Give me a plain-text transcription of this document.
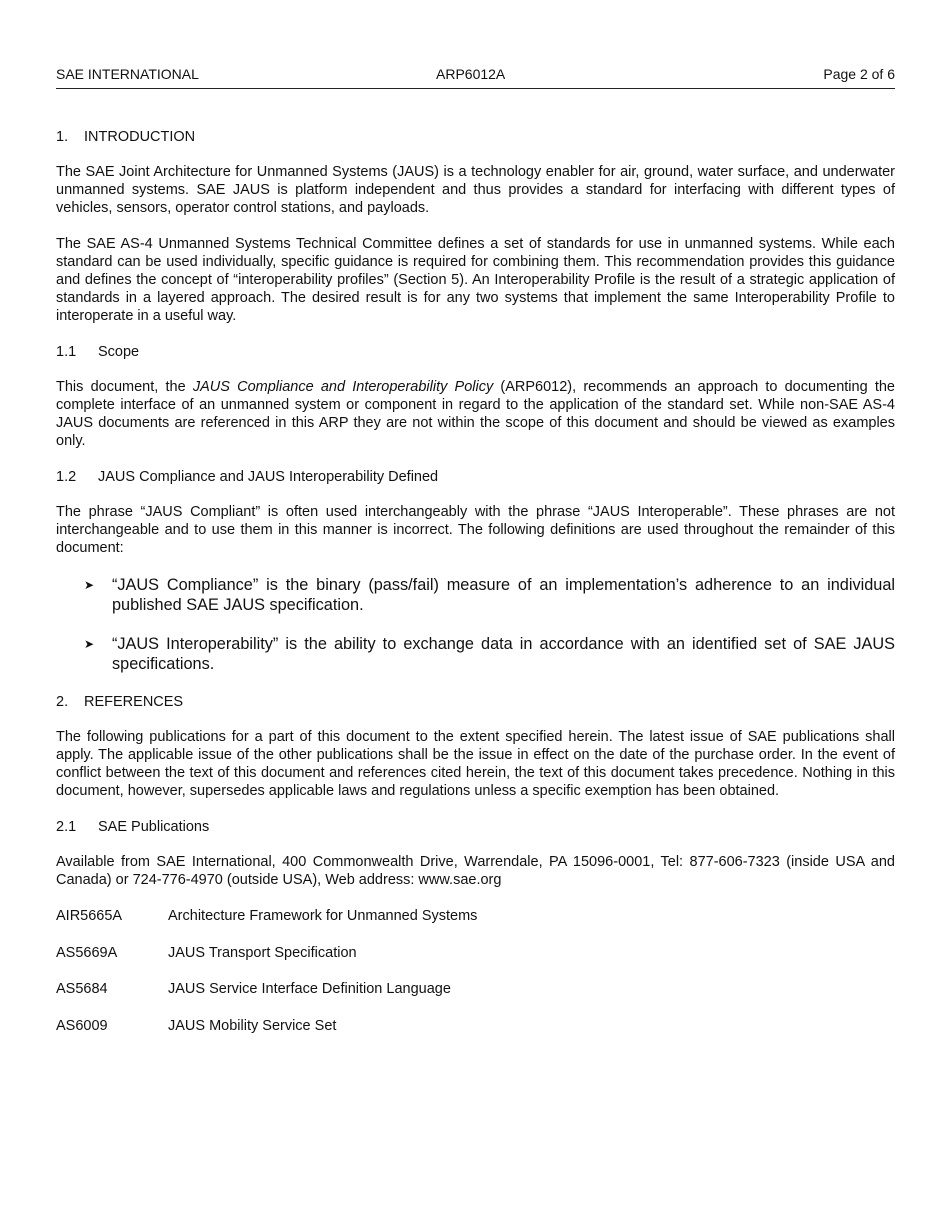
SAE INTERNATIONAL	ARP6012A	Page 2 of 6
1. INTRODUCTION

The SAE Joint Architecture for Unmanned Systems (JAUS) is a technology enabler for air, ground, water surface, and underwater unmanned systems. SAE JAUS is platform independent and thus provides a standard for interfacing with different types of vehicles, sensors, operator control stations, and payloads.

The SAE AS-4 Unmanned Systems Technical Committee defines a set of standards for use in unmanned systems. While each standard can be used individually, specific guidance is required for combining them. This recommendation provides this guidance and defines the concept of “interoperability profiles” (Section 5). An Interoperability Profile is the result of a strategic application of standards in a layered approach. The desired result is for any two systems that implement the same Interoperability Profile to interoperate in a useful way.

1.1 Scope

This document, the JAUS Compliance and Interoperability Policy (ARP6012), recommends an approach to documenting the complete interface of an unmanned system or component in regard to the application of the standard set. While non-SAE AS-4 JAUS documents are referenced in this ARP they are not within the scope of this document and should be viewed as examples only.

1.2 JAUS Compliance and JAUS Interoperability Defined

The phrase “JAUS Compliant” is often used interchangeably with the phrase “JAUS Interoperable”. These phrases are not interchangeable and to use them in this manner is incorrect. The following definitions are used throughout the remainder of this document:

➤ “JAUS Compliance” is the binary (pass/fail) measure of an implementation’s adherence to an individual published SAE JAUS specification.
➤ “JAUS Interoperability” is the ability to exchange data in accordance with an identified set of SAE JAUS specifications.
2. REFERENCES

The following publications for a part of this document to the extent specified herein. The latest issue of SAE publications shall apply. The applicable issue of the other publications shall be the issue in effect on the date of the purchase order. In the event of conflict between the text of this document and references cited herein, the text of this document takes precedence. Nothing in this document, however, supersedes applicable laws and regulations unless a specific exemption has been obtained.

2.1 SAE Publications

Available from SAE International, 400 Commonwealth Drive, Warrendale, PA 15096-0001, Tel: 877-606-7323 (inside USA and Canada) or 724-776-4970 (outside USA), Web address: www.sae.org

AIR5665A	Architecture Framework for Unmanned Systems
AS5669A	JAUS Transport Specification
AS5684	JAUS Service Interface Definition Language
AS6009	JAUS Mobility Service Set
